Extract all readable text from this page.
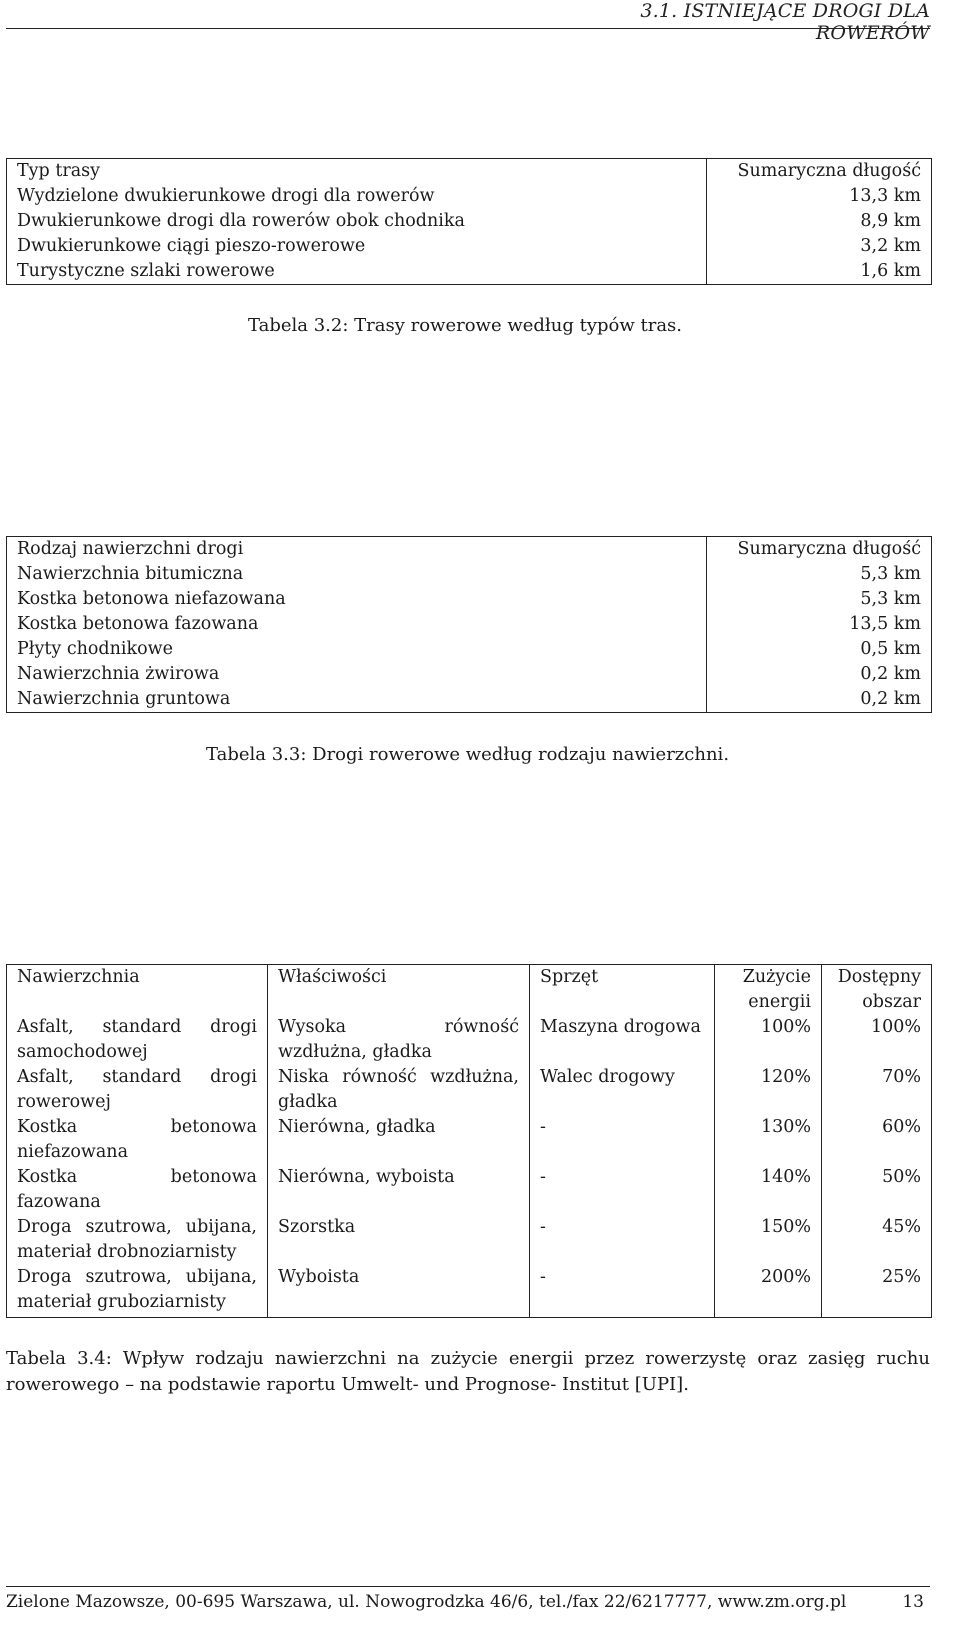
3.1. ISTNIEJĄCE DROGI DLA ROWERÓW
Typ trasy	Sumaryczna długość
Wydzielone dwukierunkowe drogi dla rowerów	13,3 km
Dwukierunkowe drogi dla rowerów obok chodnika	8,9 km
Dwukierunkowe ciągi pieszo-rowerowe	3,2 km
Turystyczne szlaki rowerowe	1,6 km
Tabela 3.2: Trasy rowerowe według typów tras.
Rodzaj nawierzchni drogi	Sumaryczna długość
Nawierzchnia bitumiczna	5,3 km
Kostka betonowa niefazowana	5,3 km
Kostka betonowa fazowana	13,5 km
Płyty chodnikowe	0,5 km
Nawierzchnia żwirowa	0,2 km
Nawierzchnia gruntowa	0,2 km
Tabela 3.3: Drogi rowerowe według rodzaju nawierzchni.
Nawierzchnia	Właściwości	Sprzęt	Zużycie energii	Dostępny obszar
Asfalt, standard drogi samochodowej	Wysoka równość wzdłużna, gładka	Maszyna drogowa	100%	100%
Asfalt, standard drogi rowerowej	Niska równość wzdłużna, gładka	Walec drogowy	120%	70%
Kostka betonowa niefazowana	Nierówna, gładka	-	130%	60%
Kostka betonowa fazowana	Nierówna, wyboista	-	140%	50%
Droga szutrowa, ubijana, materiał drobnoziarnisty	Szorstka	-	150%	45%
Droga szutrowa, ubijana, materiał gruboziarnisty	Wyboista	-	200%	25%
Tabela 3.4: Wpływ rodzaju nawierzchni na zużycie energii przez rowerzystę oraz zasięg ruchu rowerowego – na podstawie raportu Umwelt- und Prognose- Institut [UPI].
Zielone Mazowsze, 00-695 Warszawa, ul. Nowogrodzka 46/6, tel./fax 22/6217777, www.zm.org.pl	13
